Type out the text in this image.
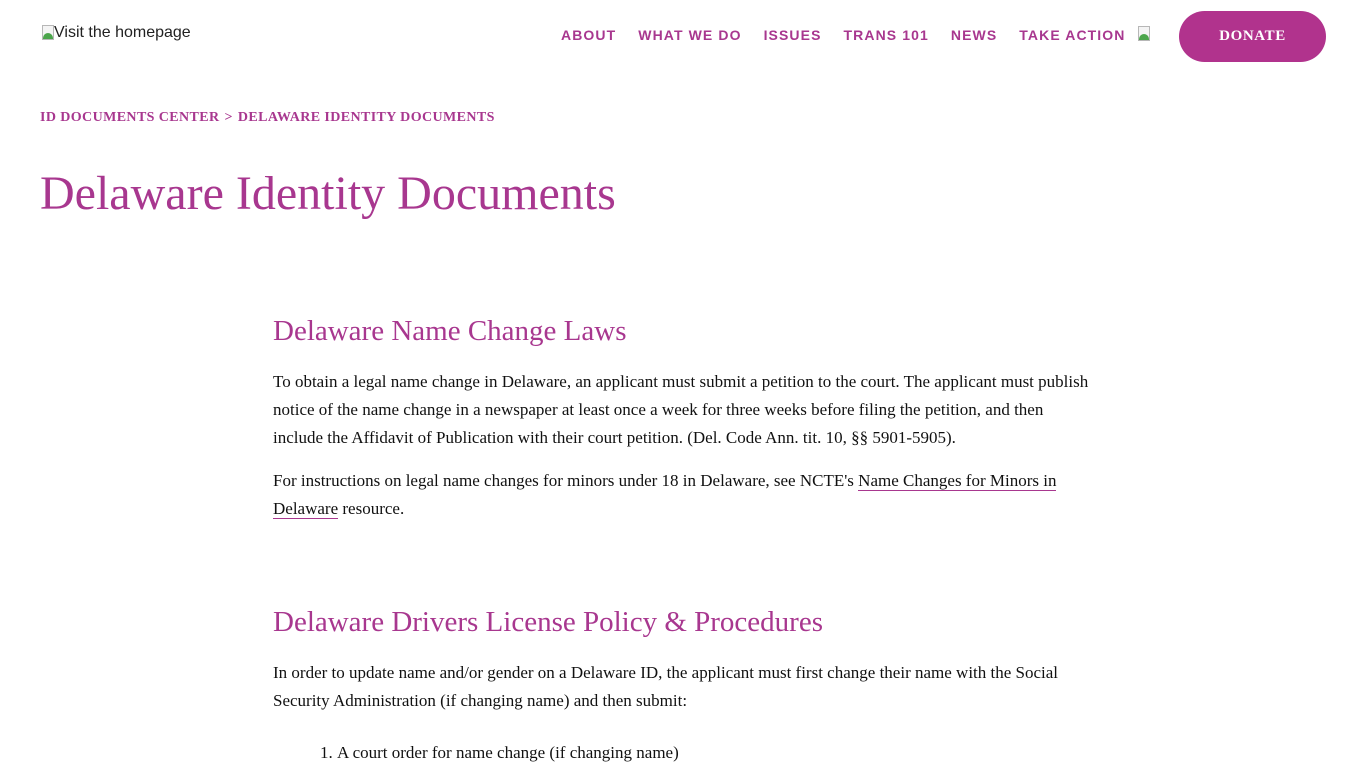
Visit the homepage	ABOUT WHAT WE DO ISSUES TRANS 101 NEWS TAKE ACTION	DONATE
ID DOCUMENTS CENTER > DELAWARE IDENTITY DOCUMENTS
Delaware Identity Documents
Delaware Name Change Laws

To obtain a legal name change in Delaware, an applicant must submit a petition to the court. The applicant must publish notice of the name change in a newspaper at least once a week for three weeks before filing the petition, and then include the Affidavit of Publication with their court petition. (Del. Code Ann. tit. 10, §§ 5901-5905).

For instructions on legal name changes for minors under 18 in Delaware, see NCTE's Name Changes for Minors in Delaware resource.

Delaware Drivers License Policy & Procedures

In order to update name and/or gender on a Delaware ID, the applicant must first change their name with the Social Security Administration (if changing name) and then submit:

1. A court order for name change (if changing name)
